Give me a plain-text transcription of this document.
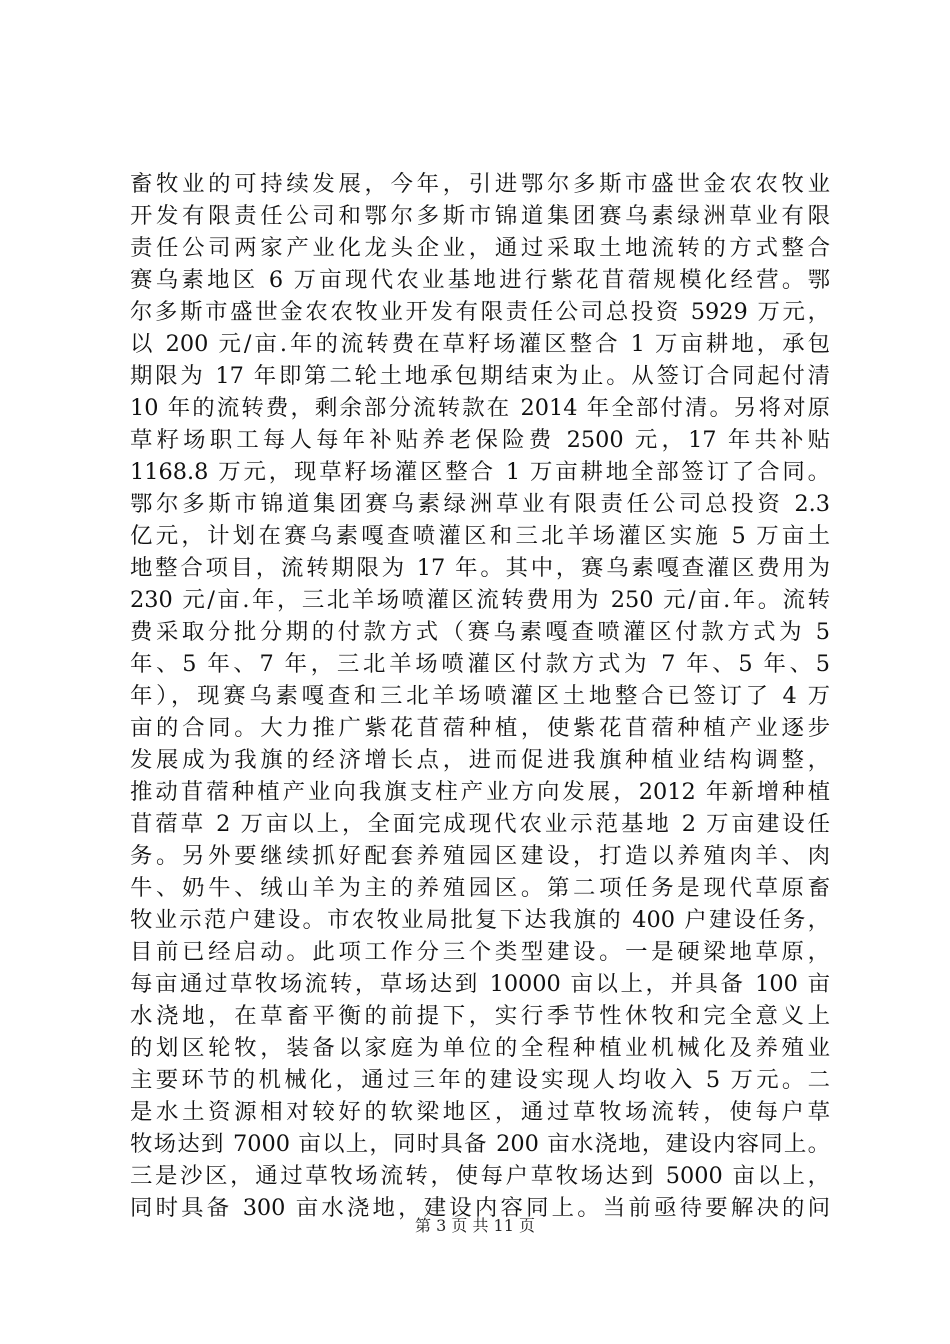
畜牧业的可持续发展，今年，引进鄂尔多斯市盛世金农农牧业
开发有限责任公司和鄂尔多斯市锦道集团赛乌素绿洲草业有限
责任公司两家产业化龙头企业，通过采取土地流转的方式整合
赛乌素地区 6 万亩现代农业基地进行紫花苜蓿规模化经营。鄂
尔多斯市盛世金农农牧业开发有限责任公司总投资 5929 万元，
以 200 元/亩.年的流转费在草籽场灌区整合 1 万亩耕地，承包
期限为 17 年即第二轮土地承包期结束为止。从签订合同起付清
10 年的流转费，剩余部分流转款在 2014 年全部付清。另将对原
草籽场职工每人每年补贴养老保险费 2500 元，17 年共补贴
1168.8 万元，现草籽场灌区整合 1 万亩耕地全部签订了合同。
鄂尔多斯市锦道集团赛乌素绿洲草业有限责任公司总投资 2.3
亿元，计划在赛乌素嘎查喷灌区和三北羊场灌区实施 5 万亩土
地整合项目，流转期限为 17 年。其中，赛乌素嘎查灌区费用为
230 元/亩.年，三北羊场喷灌区流转费用为 250 元/亩.年。流转
费采取分批分期的付款方式（赛乌素嘎查喷灌区付款方式为 5
年、5 年、7 年，三北羊场喷灌区付款方式为 7 年、5 年、5
年），现赛乌素嘎查和三北羊场喷灌区土地整合已签订了 4 万
亩的合同。大力推广紫花苜蓿种植，使紫花苜蓿种植产业逐步
发展成为我旗的经济增长点，进而促进我旗种植业结构调整，
推动苜蓿种植产业向我旗支柱产业方向发展，2012 年新增种植
苜蓿草 2 万亩以上，全面完成现代农业示范基地 2 万亩建设任
务。另外要继续抓好配套养殖园区建设，打造以养殖肉羊、肉
牛、奶牛、绒山羊为主的养殖园区。第二项任务是现代草原畜
牧业示范户建设。市农牧业局批复下达我旗的 400 户建设任务，
目前已经启动。此项工作分三个类型建设。一是硬梁地草原，
每亩通过草牧场流转，草场达到 10000 亩以上，并具备 100 亩
水浇地，在草畜平衡的前提下，实行季节性休牧和完全意义上
的划区轮牧，装备以家庭为单位的全程种植业机械化及养殖业
主要环节的机械化，通过三年的建设实现人均收入 5 万元。二
是水土资源相对较好的软梁地区，通过草牧场流转，使每户草
牧场达到 7000 亩以上，同时具备 200 亩水浇地，建设内容同上。
三是沙区，通过草牧场流转，使每户草牧场达到 5000 亩以上，
同时具备 300 亩水浇地，建设内容同上。当前亟待要解决的问
第 3 页 共 11 页
